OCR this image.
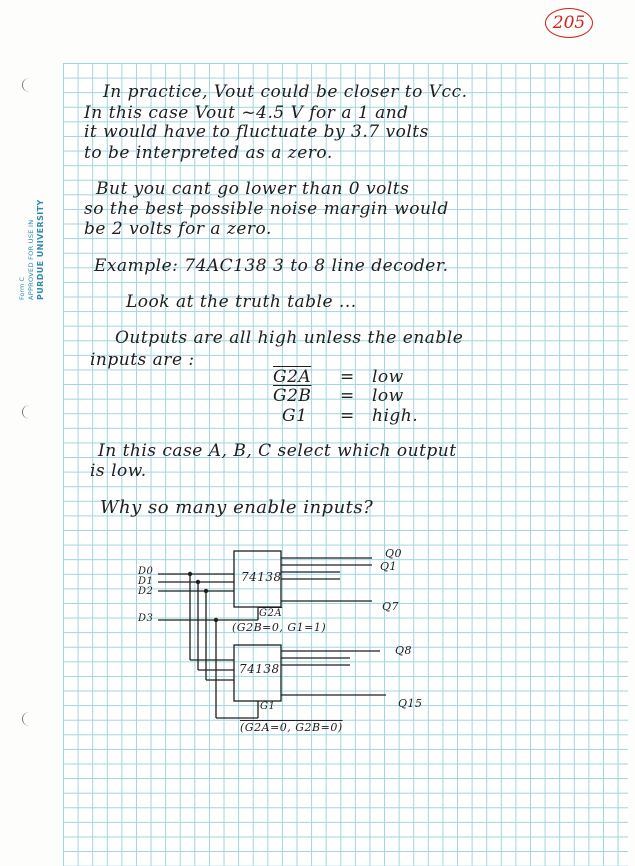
Form C APPROVED FOR USE IN PURDUE UNIVERSITY
205
In practice, Vout could be closer to Vcc.
In this case Vout ~4.5 V for a 1 and
it would have to fluctuate by 3.7 volts
to be interpreted as a zero.
But you cant go lower than 0 volts
so the best possible noise margin would
be 2 volts for a zero.
Example: 74AC138 3 to 8 line decoder.
Look at the truth table ...
Outputs are all high unless the enable
inputs are :
G2A = low
G2B = low
G1 = high.
In this case A, B, C select which output
is low.
Why so many enable inputs?
74138
74138
D0
D1
D2
D3
Q0
Q1
Q7
Q8
Q15
G2A
(G2B=0, G1=1)
G1
(G2A=0, G2B=0)
